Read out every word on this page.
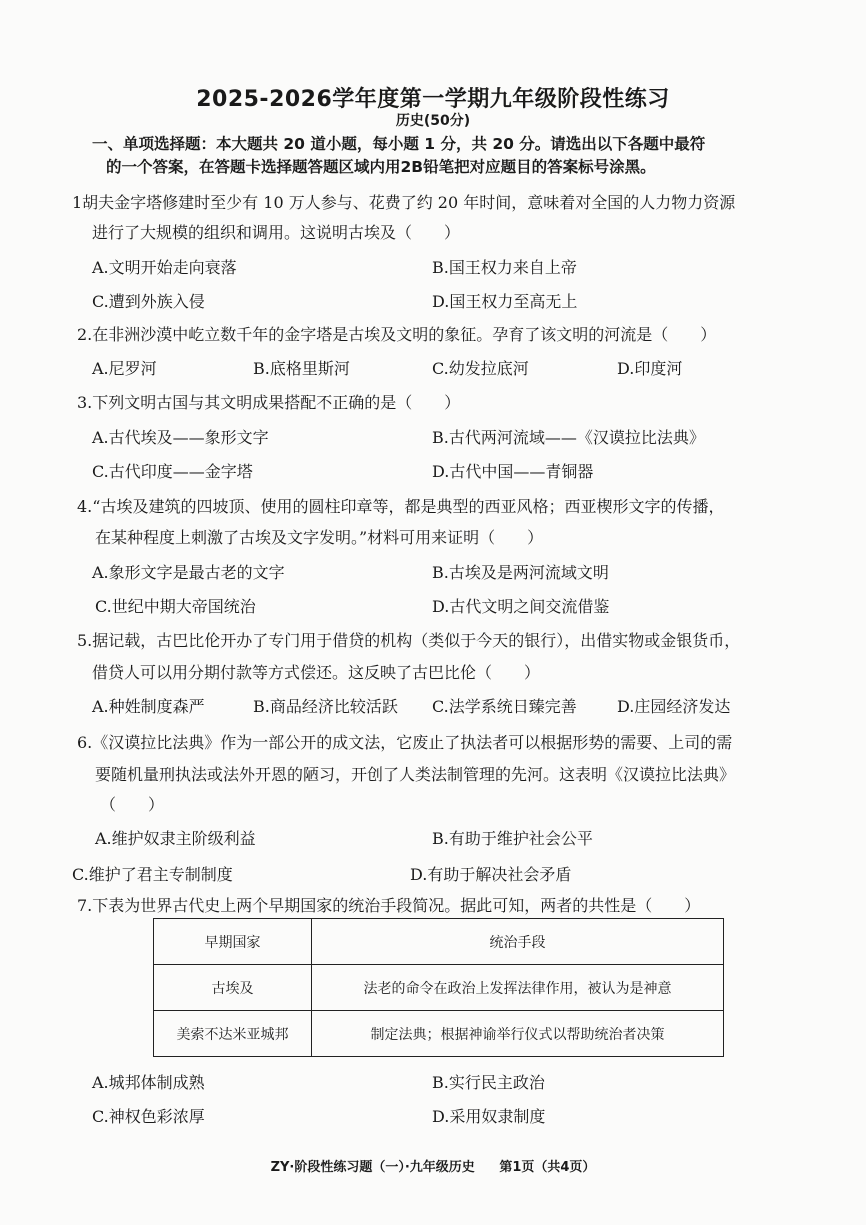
2025-2026学年度第一学期九年级阶段性练习
历史(50分)
一、单项选择题：本大题共 20 道小题，每小题 1 分，共 20 分。请选出以下各题中最符
的一个答案，在答题卡选择题答题区域内用2B铅笔把对应题目的答案标号涂黑。
1胡夫金字塔修建时至少有 10 万人参与、花费了约 20 年时间，意味着对全国的人力物力资源
进行了大规模的组织和调用。这说明古埃及（　　）
A.文明开始走向衰落	B.国王权力来自上帝
C.遭到外族入侵	D.国王权力至高无上
2.在非洲沙漠中屹立数千年的金字塔是古埃及文明的象征。孕育了该文明的河流是（　　）
A.尼罗河	B.底格里斯河	C.幼发拉底河	D.印度河
3.下列文明古国与其文明成果搭配不正确的是（　　）
A.古代埃及——象形文字	B.古代两河流域——《汉谟拉比法典》
C.古代印度——金字塔	D.古代中国——青铜器
4.“古埃及建筑的四坡顶、使用的圆柱印章等，都是典型的西亚风格；西亚楔形文字的传播，
在某种程度上刺激了古埃及文字发明。”材料可用来证明（　　）
A.象形文字是最古老的文字	B.古埃及是两河流域文明
C.世纪中期大帝国统治	D.古代文明之间交流借鉴
5.据记载，古巴比伦开办了专门用于借贷的机构（类似于今天的银行），出借实物或金银货币，
借贷人可以用分期付款等方式偿还。这反映了古巴比伦（　　）
A.种姓制度森严	B.商品经济比较活跃 C.法学系统日臻完善	D.庄园经济发达
6.《汉谟拉比法典》作为一部公开的成文法，它废止了执法者可以根据形势的需要、上司的需
要随机量刑执法或法外开恩的陋习，开创了人类法制管理的先河。这表明《汉谟拉比法典》
（　　）
A.维护奴隶主阶级利益	B.有助于维护社会公平
C.维护了君主专制制度	D.有助于解决社会矛盾
7.下表为世界古代史上两个早期国家的统治手段简况。据此可知，两者的共性是（　　）
早期国家	统治手段
古埃及	法老的命令在政治上发挥法律作用，被认为是神意
美索不达米亚城邦	制定法典；根据神谕举行仪式以帮助统治者决策
A.城邦体制成熟	B.实行民主政治
C.神权色彩浓厚	D.采用奴隶制度
ZY·阶段性练习题（一）·九年级历史 第1页（共4页）
